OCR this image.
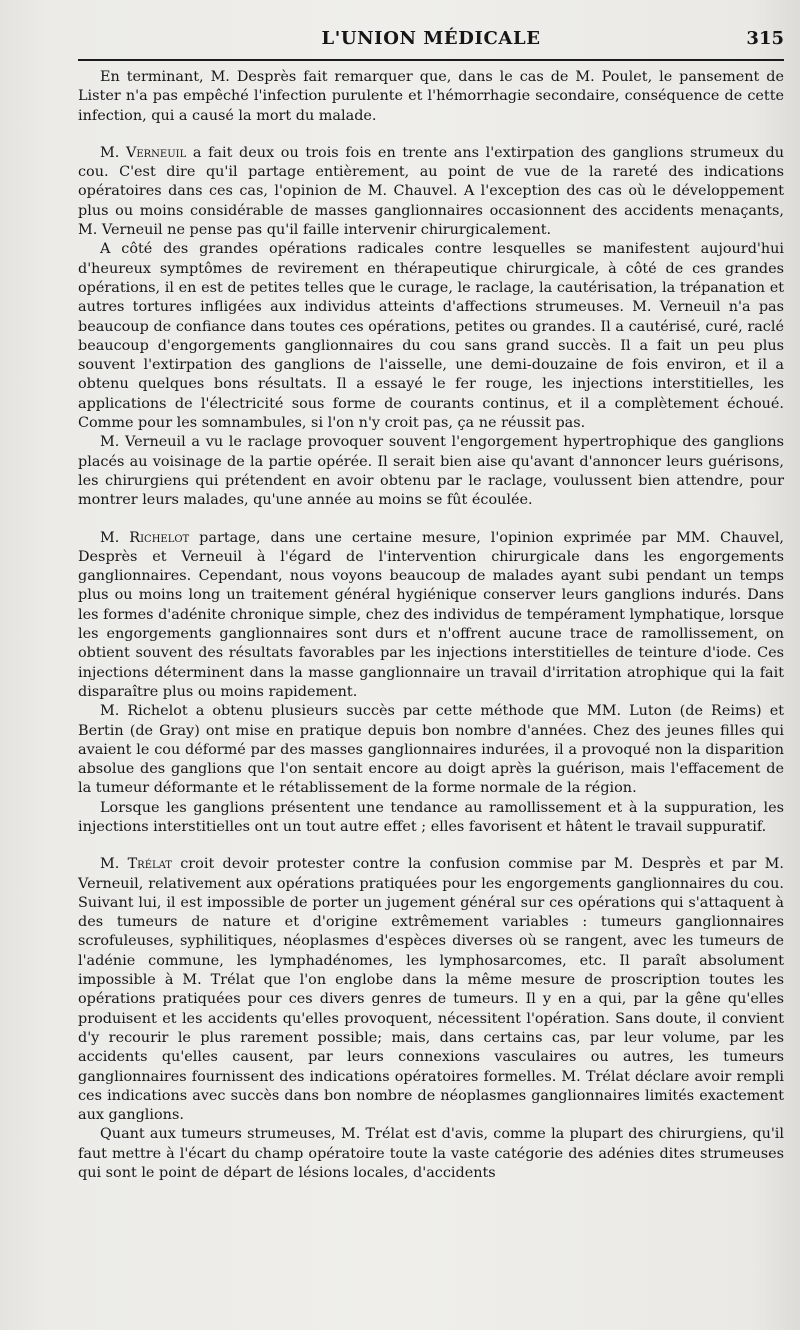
L'UNION MÉDICALE	315

En terminant, M. Desprès fait remarquer que, dans le cas de M. Poulet, le pansement de Lister n'a pas empêché l'infection purulente et l'hémorrhagie secondaire, conséquence de cette infection, qui a causé la mort du malade.

M. Verneuil a fait deux ou trois fois en trente ans l'extirpation des ganglions strumeux du cou. C'est dire qu'il partage entièrement, au point de vue de la rareté des indications opératoires dans ces cas, l'opinion de M. Chauvel. A l'exception des cas où le développement plus ou moins considérable de masses ganglionnaires occasionnent des accidents menaçants, M. Verneuil ne pense pas qu'il faille intervenir chirurgicalement.

A côté des grandes opérations radicales contre lesquelles se manifestent aujourd'hui d'heureux symptômes de revirement en thérapeutique chirurgicale, à côté de ces grandes opérations, il en est de petites telles que le curage, le raclage, la cautérisation, la trépanation et autres tortures infligées aux individus atteints d'affections strumeuses. M. Verneuil n'a pas beaucoup de confiance dans toutes ces opérations, petites ou grandes. Il a cautérisé, curé, raclé beaucoup d'engorgements ganglionnaires du cou sans grand succès. Il a fait un peu plus souvent l'extirpation des ganglions de l'aisselle, une demi-douzaine de fois environ, et il a obtenu quelques bons résultats. Il a essayé le fer rouge, les injections interstitielles, les applications de l'électricité sous forme de courants continus, et il a complètement échoué. Comme pour les somnambules, si l'on n'y croit pas, ça ne réussit pas.

M. Verneuil a vu le raclage provoquer souvent l'engorgement hypertrophique des ganglions placés au voisinage de la partie opérée. Il serait bien aise qu'avant d'annoncer leurs guérisons, les chirurgiens qui prétendent en avoir obtenu par le raclage, voulussent bien attendre, pour montrer leurs malades, qu'une année au moins se fût écoulée.

M. Richelot partage, dans une certaine mesure, l'opinion exprimée par MM. Chauvel, Desprès et Verneuil à l'égard de l'intervention chirurgicale dans les engorgements ganglionnaires. Cependant, nous voyons beaucoup de malades ayant subi pendant un temps plus ou moins long un traitement général hygiénique conserver leurs ganglions indurés. Dans les formes d'adénite chronique simple, chez des individus de tempérament lymphatique, lorsque les engorgements ganglionnaires sont durs et n'offrent aucune trace de ramollissement, on obtient souvent des résultats favorables par les injections interstitielles de teinture d'iode. Ces injections déterminent dans la masse ganglionnaire un travail d'irritation atrophique qui la fait disparaître plus ou moins rapidement.

M. Richelot a obtenu plusieurs succès par cette méthode que MM. Luton (de Reims) et Bertin (de Gray) ont mise en pratique depuis bon nombre d'années. Chez des jeunes filles qui avaient le cou déformé par des masses ganglionnaires indurées, il a provoqué non la disparition absolue des ganglions que l'on sentait encore au doigt après la guérison, mais l'effacement de la tumeur déformante et le rétablissement de la forme normale de la région.

Lorsque les ganglions présentent une tendance au ramollissement et à la suppuration, les injections interstitielles ont un tout autre effet ; elles favorisent et hâtent le travail suppuratif.

M. Trélat croit devoir protester contre la confusion commise par M. Desprès et par M. Verneuil, relativement aux opérations pratiquées pour les engorgements ganglionnaires du cou. Suivant lui, il est impossible de porter un jugement général sur ces opérations qui s'attaquent à des tumeurs de nature et d'origine extrêmement variables : tumeurs ganglionnaires scrofuleuses, syphilitiques, néoplasmes d'espèces diverses où se rangent, avec les tumeurs de l'adénie commune, les lymphadénomes, les lymphosarcomes, etc. Il paraît absolument impossible à M. Trélat que l'on englobe dans la même mesure de proscription toutes les opérations pratiquées pour ces divers genres de tumeurs. Il y en a qui, par la gêne qu'elles produisent et les accidents qu'elles provoquent, nécessitent l'opération. Sans doute, il convient d'y recourir le plus rarement possible; mais, dans certains cas, par leur volume, par les accidents qu'elles causent, par leurs connexions vasculaires ou autres, les tumeurs ganglionnaires fournissent des indications opératoires formelles. M. Trélat déclare avoir rempli ces indications avec succès dans bon nombre de néoplasmes ganglionnaires limités exactement aux ganglions.

Quant aux tumeurs strumeuses, M. Trélat est d'avis, comme la plupart des chirurgiens, qu'il faut mettre à l'écart du champ opératoire toute la vaste catégorie des adénies dites strumeuses qui sont le point de départ de lésions locales, d'accidents
